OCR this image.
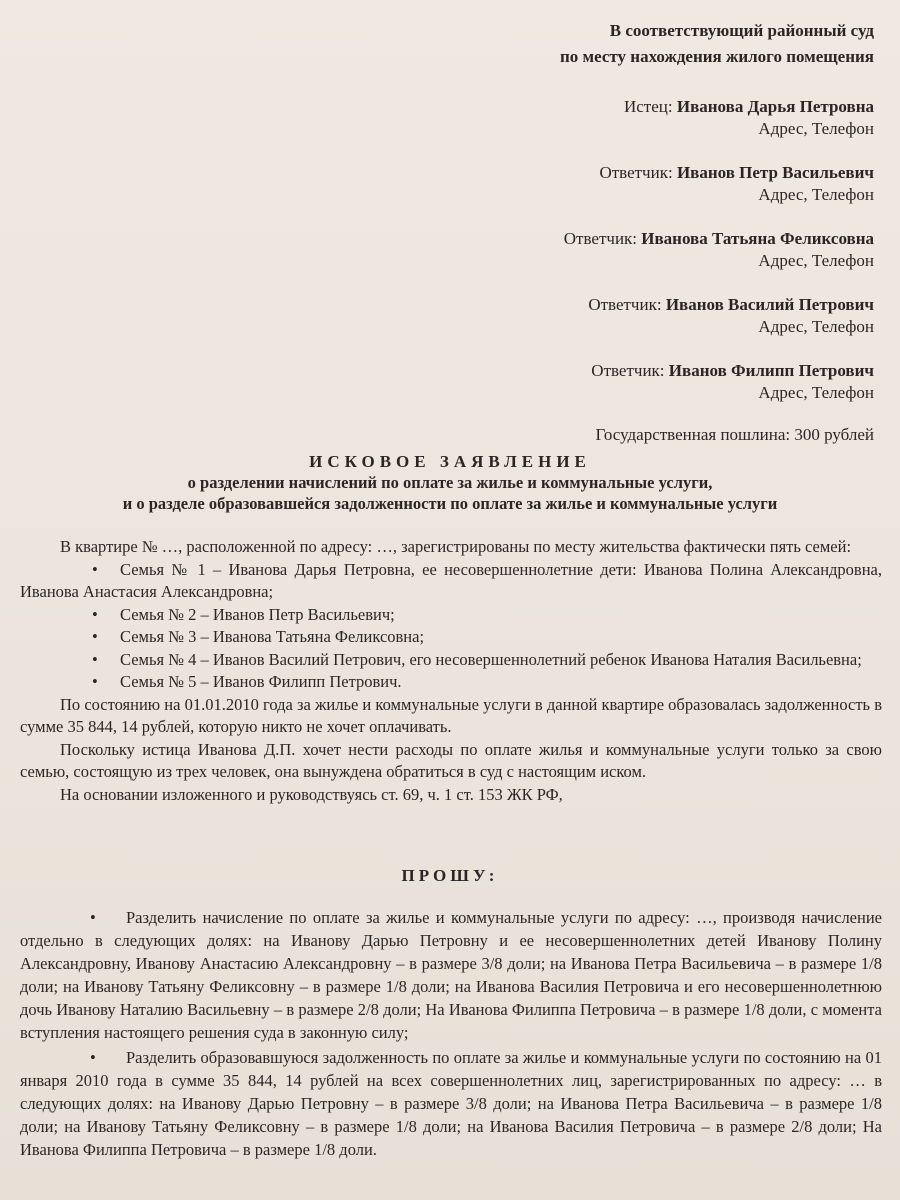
В соответствующий районный суд
по месту нахождения жилого помещения
Истец: Иванова Дарья Петровна
Адрес, Телефон
Ответчик: Иванов Петр Васильевич
Адрес, Телефон
Ответчик: Иванова Татьяна Феликсовна
Адрес, Телефон
Ответчик: Иванов Василий Петрович
Адрес, Телефон
Ответчик: Иванов Филипп Петрович
Адрес, Телефон
Государственная пошлина: 300 рублей
ИСКОВОЕ ЗАЯВЛЕНИЕ
о разделении начислений по оплате за жилье и коммунальные услуги,
и о разделе образовавшейся задолженности по оплате за жилье и коммунальные услуги

В квартире № …, расположенной по адресу: …, зарегистрированы по месту жительства фактически пять семей:

• Семья № 1 – Иванова Дарья Петровна, ее несовершеннолетние дети: Иванова Полина Александровна, Иванова Анастасия Александровна;

• Семья № 2 – Иванов Петр Васильевич;

• Семья № 3 – Иванова Татьяна Феликсовна;

• Семья № 4 – Иванов Василий Петрович, его несовершеннолетний ребенок Иванова Наталия Васильевна;

• Семья № 5 – Иванов Филипп Петрович.

По состоянию на 01.01.2010 года за жилье и коммунальные услуги в данной квартире образовалась задолженность в сумме 35 844, 14 рублей, которую никто не хочет оплачивать.

Поскольку истица Иванова Д.П. хочет нести расходы по оплате жилья и коммунальные услуги только за свою семью, состоящую из трех человек, она вынуждена обратиться в суд с настоящим иском.

На основании изложенного и руководствуясь ст. 69, ч. 1 ст. 153 ЖК РФ,

ПРОШУ:

• Разделить начисление по оплате за жилье и коммунальные услуги по адресу: …, производя начисление отдельно в следующих долях: на Иванову Дарью Петровну и ее несовершеннолетних детей Иванову Полину Александровну, Иванову Анастасию Александровну – в размере 3/8 доли; на Иванова Петра Васильевича – в размере 1/8 доли; на Иванову Татьяну Феликсовну – в размере 1/8 доли; на Иванова Василия Петровича и его несовершеннолетнюю дочь Иванову Наталию Васильевну – в размере 2/8 доли; На Иванова Филиппа Петровича – в размере 1/8 доли, с момента вступления настоящего решения суда в законную силу;

• Разделить образовавшуюся задолженность по оплате за жилье и коммунальные услуги по состоянию на 01 января 2010 года в сумме 35 844, 14 рублей на всех совершеннолетних лиц, зарегистрированных по адресу: … в следующих долях: на Иванову Дарью Петровну – в размере 3/8 доли; на Иванова Петра Васильевича – в размере 1/8 доли; на Иванову Татьяну Феликсовну – в размере 1/8 доли; на Иванова Василия Петровича – в размере 2/8 доли; На Иванова Филиппа Петровича – в размере 1/8 доли.
